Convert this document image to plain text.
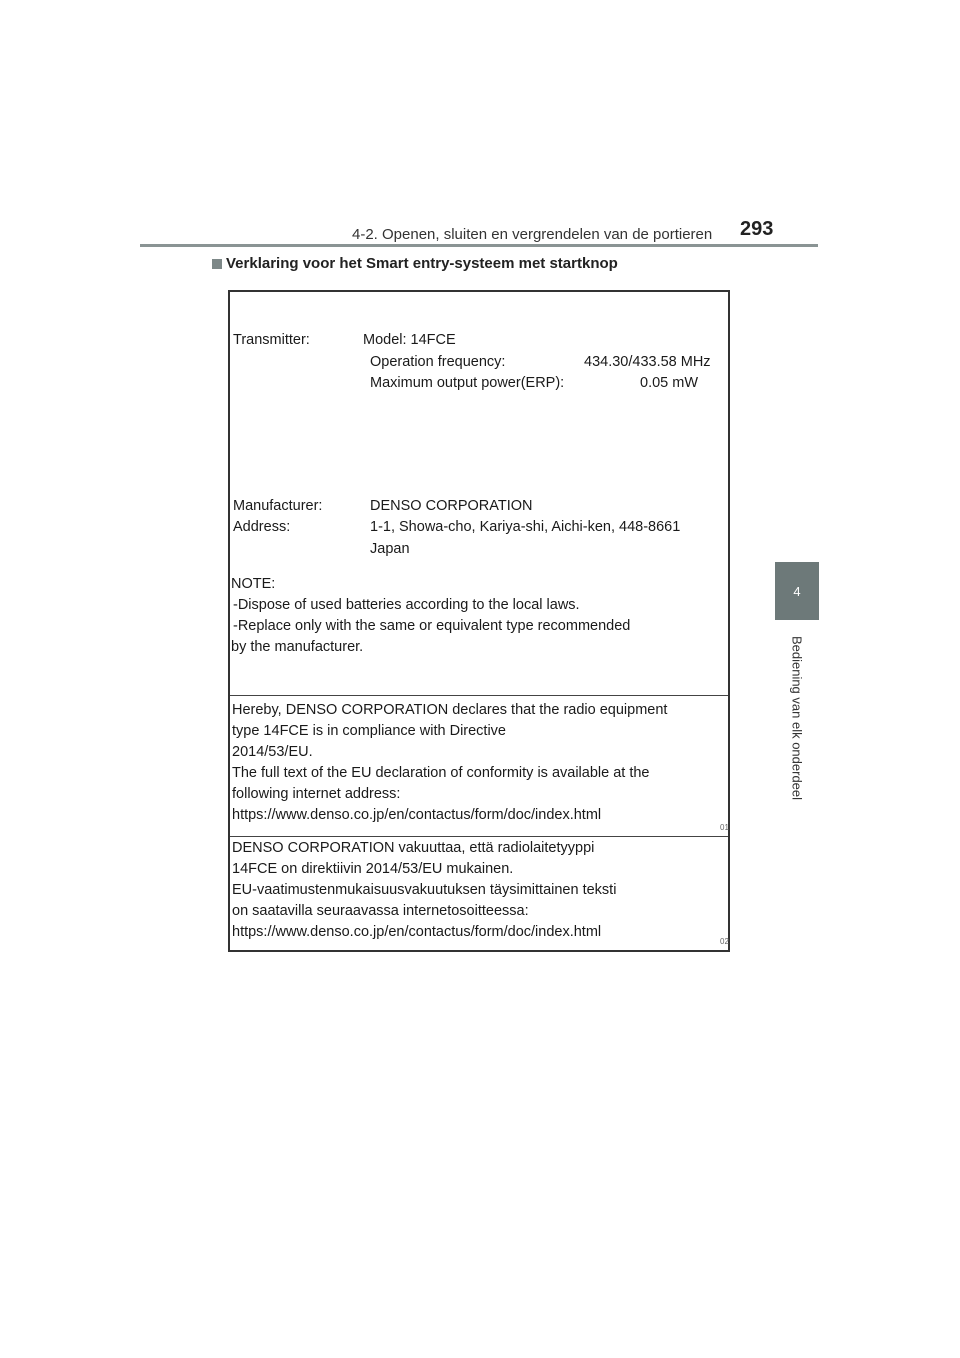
4-2. Openen, sluiten en vergrendelen van de portieren 293
Verklaring voor het Smart entry-systeem met startknop
4
Bediening van elk onderdeel
Transmitter:	Model: 14FCE
Operation frequency:	434.30/433.58 MHz
Maximum output power(ERP):	0.05 mW
Manufacturer:	DENSO CORPORATION
Address:	1-1, Showa-cho, Kariya-shi, Aichi-ken, 448-8661
Japan
NOTE:
-Dispose of used batteries according to the local laws.
-Replace only with the same or equivalent type recommended
by the manufacturer.
Hereby, DENSO CORPORATION declares that the radio equipment
type 14FCE is in compliance with Directive
2014/53/EU.
The full text of the EU declaration of conformity is available at the
following internet address:
https://www.denso.co.jp/en/contactus/form/doc/index.html
01
DENSO CORPORATION vakuuttaa, että radiolaitetyyppi
14FCE on direktiivin 2014/53/EU mukainen.
EU-vaatimustenmukaisuusvakuutuksen täysimittainen teksti
on saatavilla seuraavassa internetosoitteessa:
https://www.denso.co.jp/en/contactus/form/doc/index.html
02
